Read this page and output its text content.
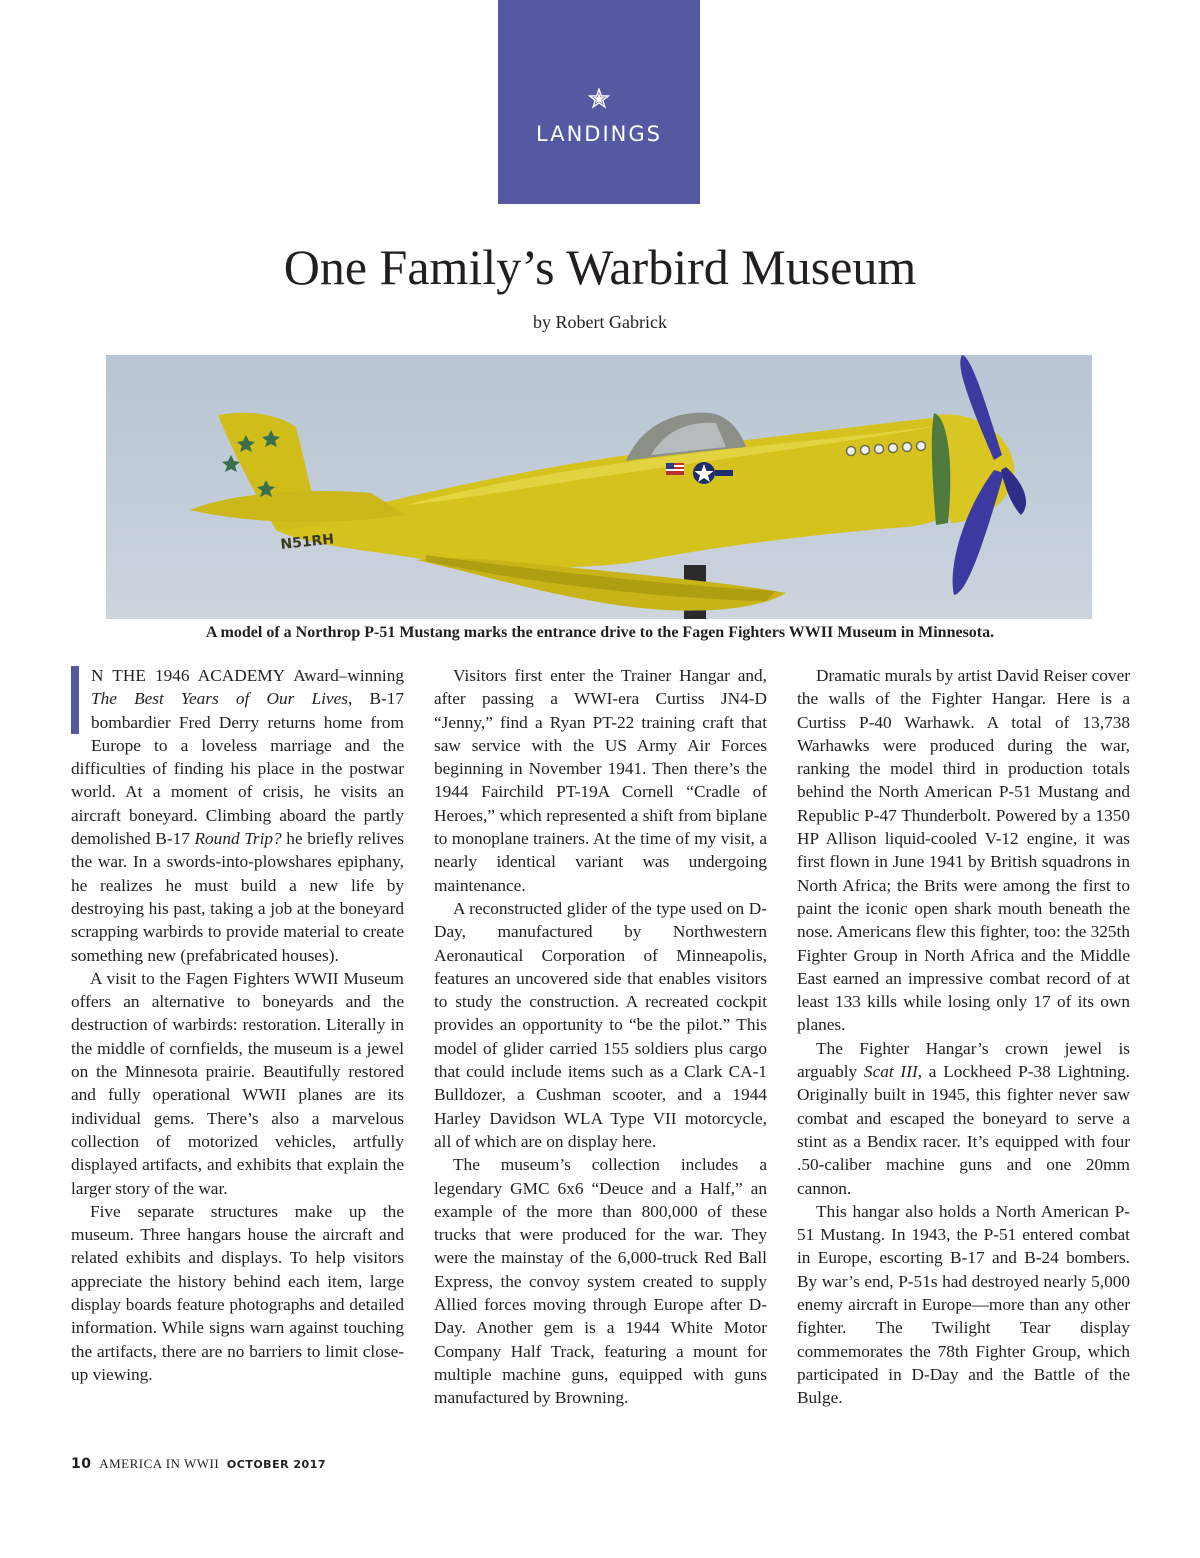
LANDINGS
One Family’s Warbird Museum
by Robert Gabrick
N51RH
A model of a Northrop P-51 Mustang marks the entrance drive to the Fagen Fighters WWII Museum in Minnesota.

N THE 1946 ACADEMY Award–winning The Best Years of Our Lives, B-17 bombardier Fred Derry returns home from Europe to a loveless marriage and the difficulties of finding his place in the postwar world. At a moment of crisis, he visits an aircraft boneyard. Climbing aboard the partly demolished B-17 Round Trip? he briefly relives the war. In a swords-into-plowshares epiphany, he realizes he must build a new life by destroying his past, taking a job at the boneyard scrapping warbirds to provide material to create something new (prefabricated houses).

A visit to the Fagen Fighters WWII Museum offers an alternative to boneyards and the destruction of warbirds: restoration. Literally in the middle of cornfields, the museum is a jewel on the Minnesota prairie. Beautifully restored and fully operational WWII planes are its individual gems. There’s also a marvelous collection of motorized vehicles, artfully displayed artifacts, and exhibits that explain the larger story of the war.

Five separate structures make up the museum. Three hangars house the aircraft and related exhibits and displays. To help visitors appreciate the history behind each item, large display boards feature photographs and detailed information. While signs warn against touching the artifacts, there are no barriers to limit close-up viewing.

Visitors first enter the Trainer Hangar and, after passing a WWI-era Curtiss JN4-D “Jenny,” find a Ryan PT-22 training craft that saw service with the US Army Air Forces beginning in November 1941. Then there’s the 1944 Fairchild PT-19A Cornell “Cradle of Heroes,” which represented a shift from biplane to monoplane trainers. At the time of my visit, a nearly identical variant was undergoing maintenance.

A reconstructed glider of the type used on D-Day, manufactured by Northwestern Aeronautical Corporation of Minneapolis, features an uncovered side that enables visitors to study the construction. A recreated cockpit provides an opportunity to “be the pilot.” This model of glider carried 155 soldiers plus cargo that could include items such as a Clark CA-1 Bulldozer, a Cushman scooter, and a 1944 Harley Davidson WLA Type VII motorcycle, all of which are on display here.

The museum’s collection includes a legendary GMC 6x6 “Deuce and a Half,” an example of the more than 800,000 of these trucks that were produced for the war. They were the mainstay of the 6,000-truck Red Ball Express, the convoy system created to supply Allied forces moving through Europe after D-Day. Another gem is a 1944 White Motor Company Half Track, featuring a mount for multiple machine guns, equipped with guns manufactured by Browning.

Dramatic murals by artist David Reiser cover the walls of the Fighter Hangar. Here is a Curtiss P-40 Warhawk. A total of 13,738 Warhawks were produced during the war, ranking the model third in production totals behind the North American P-51 Mustang and Republic P-47 Thunderbolt. Powered by a 1350 HP Allison liquid-cooled V-12 engine, it was first flown in June 1941 by British squadrons in North Africa; the Brits were among the first to paint the iconic open shark mouth beneath the nose. Americans flew this fighter, too: the 325th Fighter Group in North Africa and the Middle East earned an impressive combat record of at least 133 kills while losing only 17 of its own planes.

The Fighter Hangar’s crown jewel is arguably Scat III, a Lockheed P-38 Lightning. Originally built in 1945, this fighter never saw combat and escaped the boneyard to serve a stint as a Bendix racer. It’s equipped with four .50-caliber machine guns and one 20mm cannon.

This hangar also holds a North American P-51 Mustang. In 1943, the P-51 entered combat in Europe, escorting B-17 and B-24 bombers. By war’s end, P-51s had destroyed nearly 5,000 enemy aircraft in Europe—more than any other fighter. The Twilight Tear display commemorates the 78th Fighter Group, which participated in D-Day and the Battle of the Bulge.

10 AMERICA IN WWII OCTOBER 2017
